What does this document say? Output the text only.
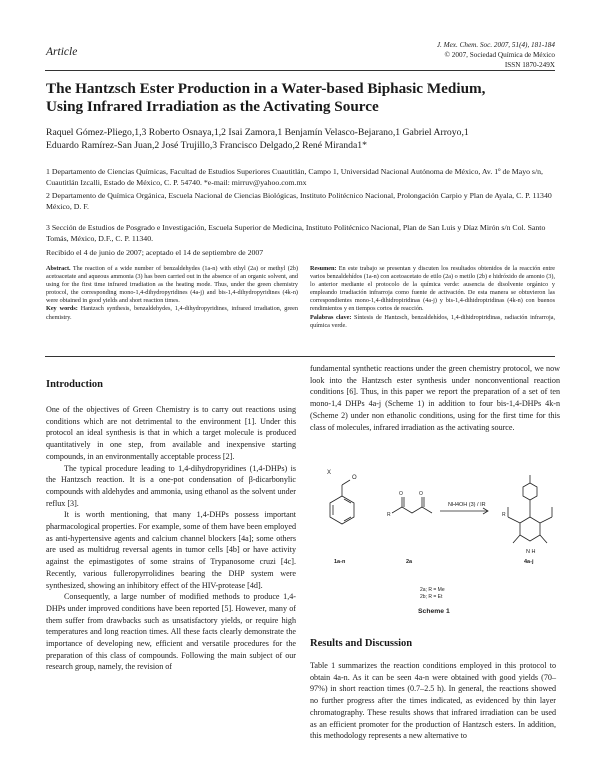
Article
J. Mex. Chem. Soc. 2007, 51(4), 181-184
© 2007, Sociedad Química de México
ISSN 1870-249X
The Hantzsch Ester Production in a Water-based Biphasic Medium,
Using Infrared Irradiation as the Activating Source
Raquel Gómez-Pliego,1,3 Roberto Osnaya,1,2 Isai Zamora,1 Benjamín Velasco-Bejarano,1 Gabriel Arroyo,1
Eduardo Ramírez-San Juan,2 José Trujillo,3 Francisco Delgado,2 René Miranda1*
1 Departamento de Ciencias Químicas, Facultad de Estudios Superiores Cuautitlán, Campo 1, Universidad Nacional Autónoma de México, Av. 1º de Mayo s/n, Cuautitlán Izcalli, Estado de México, C. P. 54740. *e-mail: mirruv@yahoo.com.mx
2 Departamento de Química Orgánica, Escuela Nacional de Ciencias Biológicas, Instituto Politécnico Nacional, Prolongación Carpio y Plan de Ayala, C. P. 11340 México, D. F.
3 Sección de Estudios de Posgrado e Investigación, Escuela Superior de Medicina, Instituto Politécnico Nacional, Plan de San Luis y Díaz Mirón s/n Col. Santo Tomás, México, D.F., C. P. 11340.
Recibido el 4 de junio de 2007; aceptado el 14 de septiembre de 2007
Abstract. The reaction of a wide number of benzaldehydes (1a-n) with ethyl (2a) or methyl (2b) acetoacetate and aqueous ammonia (3) has been carried out in the absence of an organic solvent, and using for the first time infrared irradiation as the heating mode. Thus, under the green chemistry protocol, the corresponding mono-1,4-dihydropyridines (4a-j) and bis-1,4-dihydropyridines (4k-n) were obtained in good yields and short reaction times.
Key words: Hantzsch synthesis, benzaldehydes, 1,4-dihydropyridines, infrared irradiation, green chemistry.
Resumen: En este trabajo se presentan y discuten los resultados obtenidos de la reacción entre varios benzaldehídos (1a-n) con acetoacetato de etilo (2a) o metilo (2b) e hidróxido de amonio (3), lo anterior mediante el protocolo de la química verde: ausencia de disolvente orgánico y empleando irradiación infrarroja como fuente de activación. De esta manera se obtuvieron las correspondientes mono-1,4-dihidropiridinas (4a-j) y bis-1,4-dihidropiridinas (4k-n) con buenos rendimientos y en tiempos cortos de reacción.
Palabras clave: Síntesis de Hantzsch, benzaldehídos, 1,4-dihidropiridinas, radiación infrarroja, química verde.
Introduction

One of the objectives of Green Chemistry is to carry out reactions using conditions which are not detrimental to the environment [1]. Under this protocol an ideal synthesis is that in which a target molecule is produced quantitatively in one step, from available and inexpensive starting compounds, in an environmentally acceptable process [2].

The typical procedure leading to 1,4-dihydropyridines (1,4-DHPs) is the Hantzsch reaction. It is a one-pot condensation of β-dicarbonylic compounds with aldehydes and ammonia, using ethanol as the solvent under reflux [3].

It is worth mentioning, that many 1,4-DHPs possess important pharmacological properties. For example, some of them have been employed as anti-hypertensive agents and calcium channel blockers [4a]; some others are used as multidrug reversal agents in tumor cells [4b] or have activity against the epimastigotes of some strains of Trypanosome cruzi [4c]. Recently, various fulleropyrrolidines bearing the DHP system were synthesized, showing an inhibitory effect of the HIV-protease [4d].

Consequently, a large number of modified methods to produce 1,4-DHPs under improved conditions have been reported [5]. However, many of them suffer from drawbacks such as unsatisfactory yields, or require high temperatures and long reaction times. All these facts clearly demonstrate the importance of developing new, efficient and versatile procedures for the preparation of this class of compounds. Following the main subject of our research group, namely, the revision of

fundamental synthetic reactions under the green chemistry protocol, we now look into the Hantzsch ester synthesis under nonconventional reaction conditions [6]. Thus, in this paper we report the preparation of a set of ten mono-1,4 DHPs 4a-j (Scheme 1) in addition to four bis-1,4-DHPs 4k-n (Scheme 2) under non ethanolic conditions, using for the first time for this class of molecules, infrared irradiation as the activating source.

X
O
R
O	O
R
N H
NH4OH (3) / IR
1a-n	2a	4a-j
2a; R = Me
2b; R = Et
Scheme 1
Results and Discussion

Table 1 summarizes the reaction conditions employed in this protocol to obtain 4a-n. As it can be seen 4a-n were obtained with good yields (70–97%) in short reaction times (0.7–2.5 h). In general, the reactions showed no further progress after the times indicated, as evidenced by thin layer chromatography. These results shows that infrared irradiation can be used as an efficient promoter for the production of Hantzsch esters. In addition, this methodology represents a new alternative to
